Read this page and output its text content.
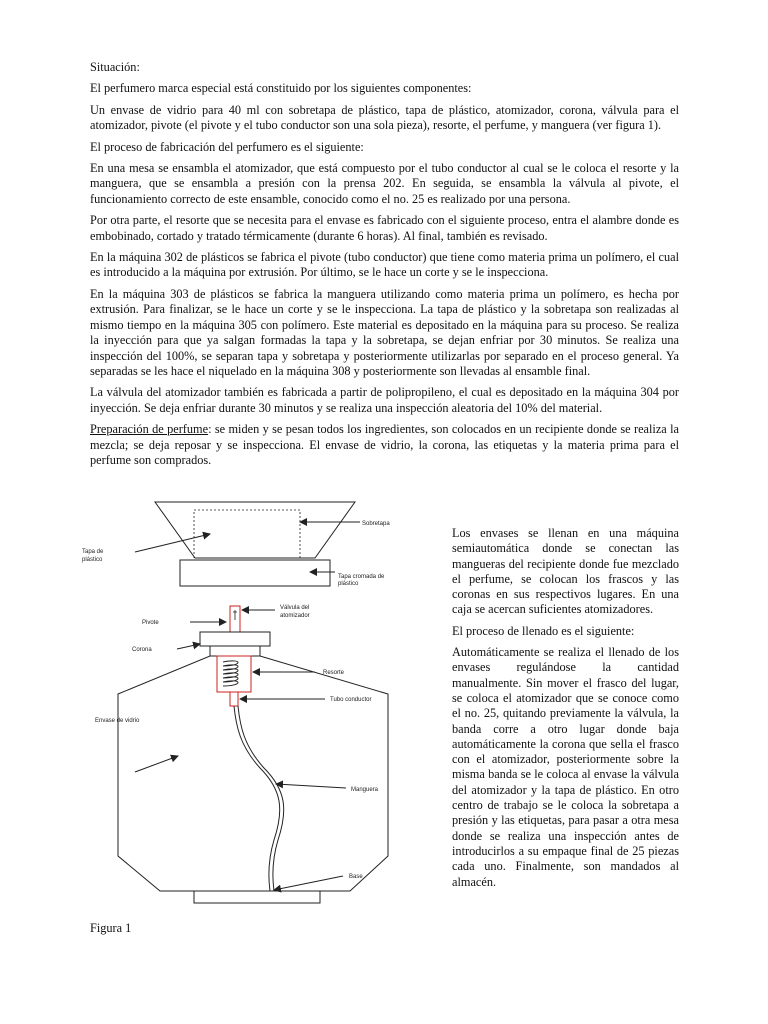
Situación:

El perfumero marca especial está constituido por los siguientes componentes:

Un envase de vidrio para 40 ml con sobretapa de plástico, tapa de plástico, atomizador, corona, válvula para el atomizador, pivote (el pivote y el tubo conductor son una sola pieza), resorte, el perfume, y manguera (ver figura 1).

El proceso de fabricación del perfumero es el siguiente:

En una mesa se ensambla el atomizador, que está compuesto por el tubo conductor al cual se le coloca el resorte y la manguera, que se ensambla a presión con la prensa 202. En seguida, se ensambla la válvula al pivote, el funcionamiento correcto de este ensamble, conocido como el no. 25 es realizado por una persona.

Por otra parte, el resorte que se necesita para el envase es fabricado con el siguiente proceso, entra el alambre donde es embobinado, cortado y tratado térmicamente (durante 6 horas). Al final, también es revisado.

En la máquina 302 de plásticos se fabrica el pivote (tubo conductor) que tiene como materia prima un polímero, el cual es introducido a la máquina por extrusión. Por último, se le hace un corte y se le inspecciona.

En la máquina 303 de plásticos se fabrica la manguera utilizando como materia prima un polímero, es hecha por extrusión. Para finalizar, se le hace un corte y se le inspecciona. La tapa de plástico y la sobretapa son realizadas al mismo tiempo en la máquina 305 con polímero. Este material es depositado en la máquina para su proceso. Se realiza la inyección para que ya salgan formadas la tapa y la sobretapa, se dejan enfriar por 30 minutos. Se realiza una inspección del 100%, se separan tapa y sobretapa y posteriormente utilizarlas por separado en el proceso general. Ya separadas se les hace el niquelado en la máquina 308 y posteriormente son llevadas al ensamble final.

La válvula del atomizador también es fabricada a partir de polipropileno, el cual es depositado en la máquina 304 por inyección. Se deja enfriar durante 30 minutos y se realiza una inspección aleatoria del 10% del material.

Preparación de perfume: se miden y se pesan todos los ingredientes, son colocados en un recipiente donde se realiza la mezcla; se deja reposar y se inspecciona. El envase de vidrio, la corona, las etiquetas y la materia prima para el perfume son comprados.

Sobretapa
Tapa de
plástico
Tapa cromada de
plástico
Válvula del
atomizador
Pivote
Corona
Resorte
Tubo conductor
Envase de vidrio
Manguera
Base

Los envases se llenan en una máquina semiautomática donde se conectan las mangueras del recipiente donde fue mezclado el perfume, se colocan los frascos y las coronas en sus respectivos lugares. En una caja se acercan suficientes atomizadores.

El proceso de llenado es el siguiente:

Automáticamente se realiza el llenado de los envases regulándose la cantidad manualmente. Sin mover el frasco del lugar, se coloca el atomizador que se conoce como el no. 25, quitando previamente la válvula, la banda corre a otro lugar donde baja automáticamente la corona que sella el frasco con el atomizador, posteriormente sobre la misma banda se le coloca al envase la válvula del atomizador y la tapa de plástico. En otro centro de trabajo se le coloca la sobretapa a presión y las etiquetas, para pasar a otra mesa donde se realiza una inspección antes de introducirlos a su empaque final de 25 piezas cada uno. Finalmente, son mandados al almacén.

Figura 1
